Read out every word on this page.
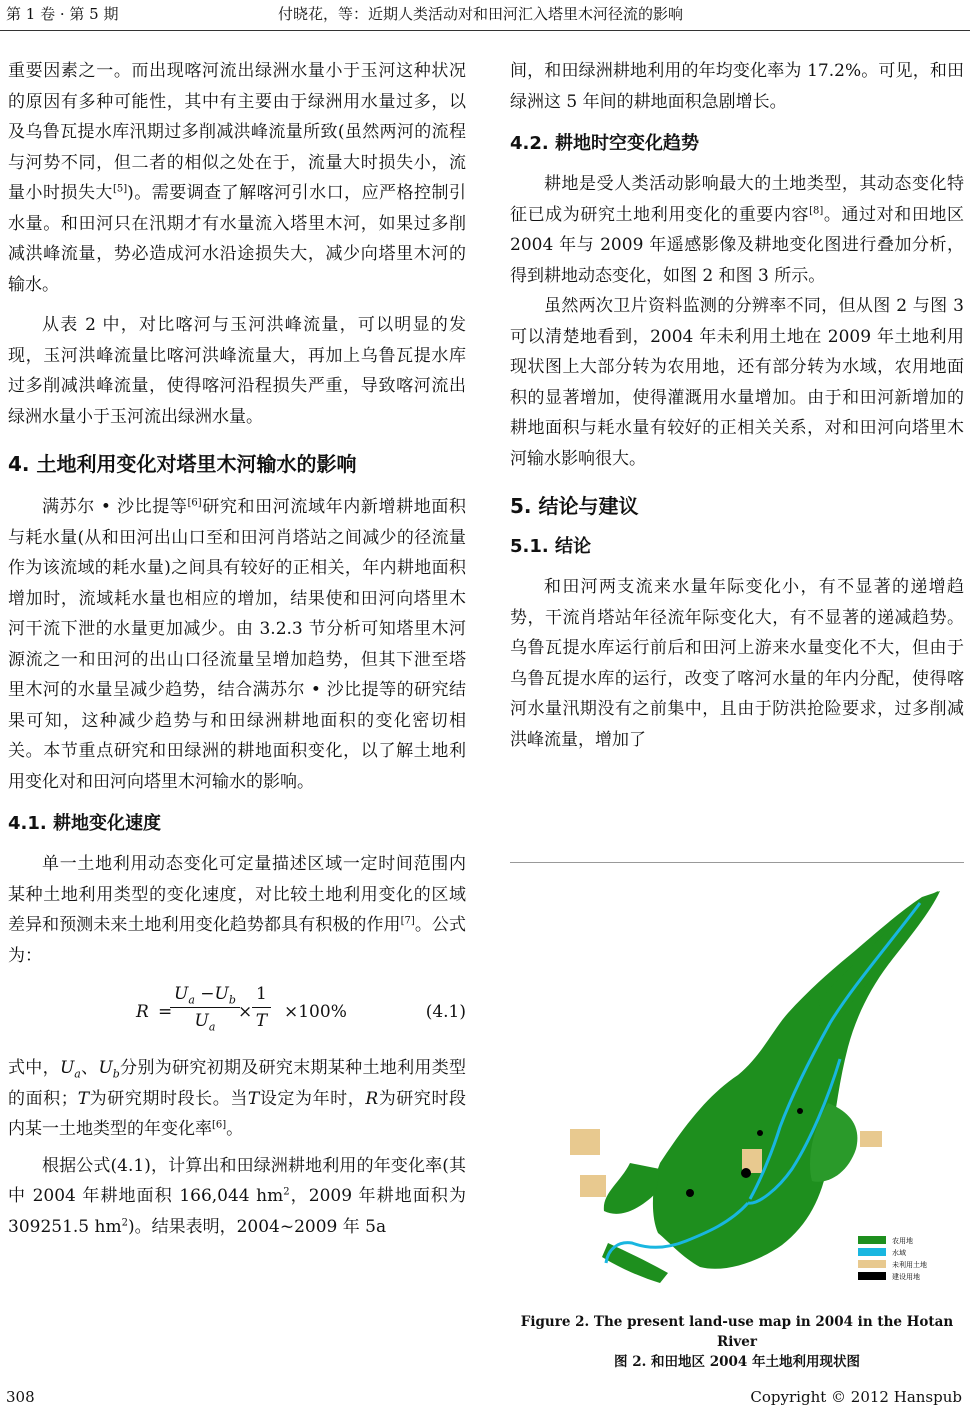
第 1 卷 · 第 5 期	付晓花，等：近期人类活动对和田河汇入塔里木河径流的影响

重要因素之一。而出现喀河流出绿洲水量小于玉河这种状况的原因有多种可能性，其中有主要由于绿洲用水量过多，以及乌鲁瓦提水库汛期过多削减洪峰流量所致(虽然两河的流程与河势不同，但二者的相似之处在于，流量大时损失小，流量小时损失大[5])。需要调查了解喀河引水口，应严格控制引水量。和田河只在汛期才有水量流入塔里木河，如果过多削减洪峰流量，势必造成河水沿途损失大，减少向塔里木河的输水。

从表 2 中，对比喀河与玉河洪峰流量，可以明显的发现，玉河洪峰流量比喀河洪峰流量大，再加上乌鲁瓦提水库过多削减洪峰流量，使得喀河沿程损失严重，导致喀河流出绿洲水量小于玉河流出绿洲水量。

4. 土地利用变化对塔里木河输水的影响

满苏尔 • 沙比提等[6]研究和田河流域年内新增耕地面积与耗水量(从和田河出山口至和田河肖塔站之间减少的径流量作为该流域的耗水量)之间具有较好的正相关，年内耕地面积增加时，流域耗水量也相应的增加，结果使和田河向塔里木河干流下泄的水量更加减少。由 3.2.3 节分析可知塔里木河源流之一和田河的出山口径流量呈增加趋势，但其下泄至塔里木河的水量呈减少趋势，结合满苏尔 • 沙比提等的研究结果可知，这种减少趋势与和田绿洲耕地面积的变化密切相关。本节重点研究和田绿洲的耕地面积变化，以了解土地利用变化对和田河向塔里木河输水的影响。

4.1. 耕地变化速度

单一土地利用动态变化可定量描述区域一定时间范围内某种土地利用类型的变化速度，对比较土地利用变化的区域差异和预测未来土地利用变化趋势都具有积极的作用[7]。公式为：

R =
$\frac{U_a -U_b}{U_a}$
× $\frac{1}{T} \times 100\%$	(4.1)

式中，$U_a$、$U_b$分别为研究初期及研究末期某种土地利用类型的面积；T为研究期时段长。当T设定为年时，R为研究时段内某一土地类型的年变化率[6]。

根据公式(4.1)，计算出和田绿洲耕地利用的年变化率(其中 2004 年耕地面积 166,044 $hm^2$，2009 年耕地面积为 309251.5 $hm^2$)。结果表明，2004~2009 年 5a

间，和田绿洲耕地利用的年均变化率为 17.2%。可见，和田绿洲这 5 年间的耕地面积急剧增长。

4.2. 耕地时空变化趋势

耕地是受人类活动影响最大的土地类型，其动态变化特征已成为研究土地利用变化的重要内容[8]。通过对和田地区 2004 年与 2009 年遥感影像及耕地变化图进行叠加分析，得到耕地动态变化，如图 2 和图 3 所示。

虽然两次卫片资料监测的分辨率不同，但从图 2 与图 3 可以清楚地看到，2004 年未利用土地在 2009 年土地利用现状图上大部分转为农用地，还有部分转为水域，农用地面积的显著增加，使得灌溉用水量增加。由于和田河新增加的耕地面积与耗水量有较好的正相关关系，对和田河向塔里木河输水影响很大。

5. 结论与建议
5.1. 结论

和田河两支流来水量年际变化小，有不显著的递增趋势，干流肖塔站年径流年际变化大，有不显著的递减趋势。乌鲁瓦提水库运行前后和田河上游来水量变化不大，但由于乌鲁瓦提水库的运行，改变了喀河水量的年内分配，使得喀河水量汛期没有之前集中，且由于防洪抢险要求，过多削减洪峰流量，增加了

农用地
水域
未利用土地
建设用地
Figure 2. The present land-use map in 2004 in the Hotan River
图 2. 和田地区 2004 年土地利用现状图
308	Copyright © 2012 Hanspub
